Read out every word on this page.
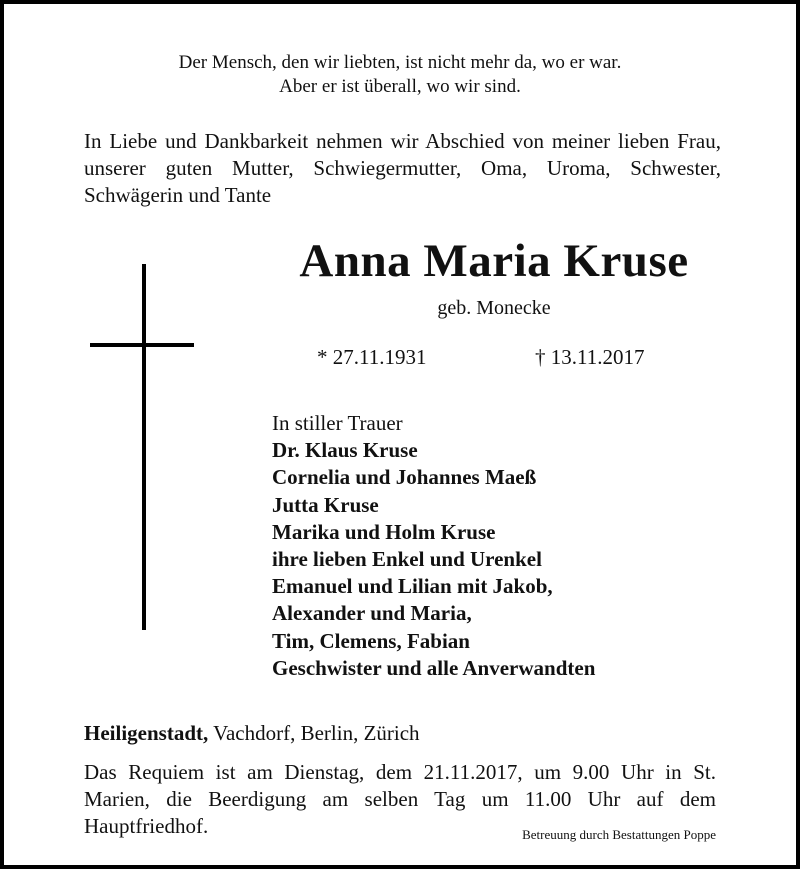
Der Mensch, den wir liebten, ist nicht mehr da, wo er war.
Aber er ist überall, wo wir sind.
In Liebe und Dankbarkeit nehmen wir Abschied von meiner lieben Frau, unserer guten Mutter, Schwiegermutter, Oma, Uroma, Schwester, Schwägerin und Tante
Anna Maria Kruse
geb. Monecke
* 27.11.1931	† 13.11.2017
In stiller Trauer
Dr. Klaus Kruse
Cornelia und Johannes Maeß
Jutta Kruse
Marika und Holm Kruse
ihre lieben Enkel und Urenkel
Emanuel und Lilian mit Jakob,
Alexander und Maria,
Tim, Clemens, Fabian
Geschwister und alle Anverwandten
Heiligenstadt, Vachdorf, Berlin, Zürich
Das Requiem ist am Dienstag, dem 21.11.2017, um 9.00 Uhr in St. Marien, die Beerdigung am selben Tag um 11.00 Uhr auf dem Hauptfriedhof.	Betreuung durch Bestattungen Poppe
